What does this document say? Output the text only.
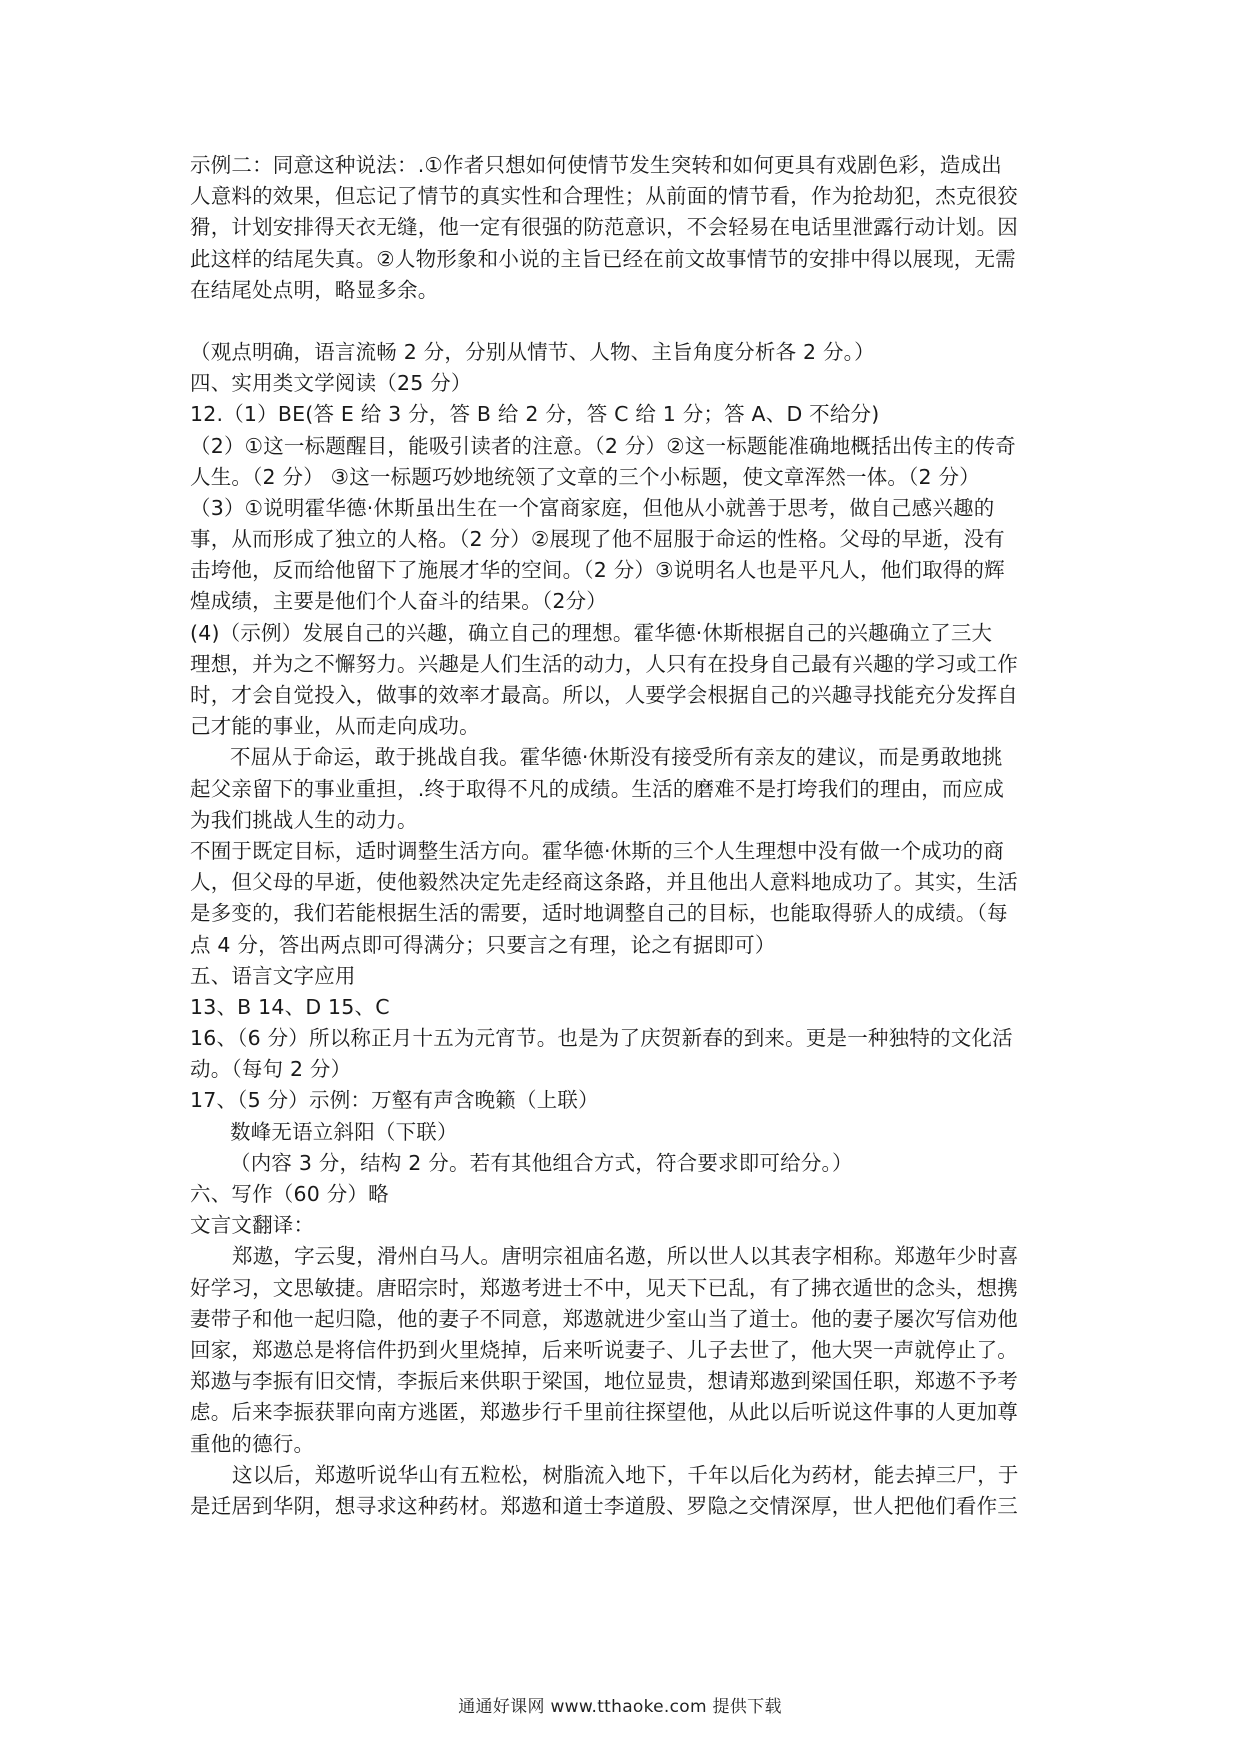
示例二：同意这种说法：.①作者只想如何使情节发生突转和如何更具有戏剧色彩，造成出
人意料的效果，但忘记了情节的真实性和合理性；从前面的情节看，作为抢劫犯，杰克很狡
猾，计划安排得天衣无缝，他一定有很强的防范意识，不会轻易在电话里泄露行动计划。因
此这样的结尾失真。②人物形象和小说的主旨已经在前文故事情节的安排中得以展现，无需
在结尾处点明，略显多余。
（观点明确，语言流畅 2 分，分别从情节、人物、主旨角度分析各 2 分。）
四、实用类文学阅读（25 分）
12.（1）BE(答 E 给 3 分，答 B 给 2 分，答 C 给 1 分；答 A、D 不给分)
（2）①这一标题醒目，能吸引读者的注意。（2 分）②这一标题能准确地概括出传主的传奇
人生。（2 分） ③这一标题巧妙地统领了文章的三个小标题，使文章浑然一体。（2 分）
（3）①说明霍华德·休斯虽出生在一个富商家庭，但他从小就善于思考，做自己感兴趣的
事，从而形成了独立的人格。（2 分）②展现了他不屈服于命运的性格。父母的早逝，没有
击垮他，反而给他留下了施展才华的空间。（2 分）③说明名人也是平凡人，他们取得的辉
煌成绩，主要是他们个人奋斗的结果。（2分）
(4)（示例）发展自己的兴趣，确立自己的理想。霍华德·休斯根据自己的兴趣确立了三大
理想，并为之不懈努力。兴趣是人们生活的动力，人只有在投身自己最有兴趣的学习或工作
时，才会自觉投入，做事的效率才最高。所以，人要学会根据自己的兴趣寻找能充分发挥自
己才能的事业，从而走向成功。
不屈从于命运，敢于挑战自我。霍华德·休斯没有接受所有亲友的建议，而是勇敢地挑
起父亲留下的事业重担，.终于取得不凡的成绩。生活的磨难不是打垮我们的理由，而应成
为我们挑战人生的动力。
不囿于既定目标，适时调整生活方向。霍华德·休斯的三个人生理想中没有做一个成功的商
人，但父母的早逝，使他毅然决定先走经商这条路，并且他出人意料地成功了。其实，生活
是多变的，我们若能根据生活的需要，适时地调整自己的目标，也能取得骄人的成绩。（每
点 4 分，答出两点即可得满分；只要言之有理，论之有据即可）
五、语言文字应用
13、B 14、D 15、C
16、（6 分）所以称正月十五为元宵节。也是为了庆贺新春的到来。更是一种独特的文化活
动。（每句 2 分）
17、（5 分）示例：万壑有声含晚籁（上联）
数峰无语立斜阳（下联）
（内容 3 分，结构 2 分。若有其他组合方式，符合要求即可给分。）
六、写作（60 分）略
文言文翻译：
郑遨，字云叟，滑州白马人。唐明宗祖庙名遨，所以世人以其表字相称。郑遨年少时喜
好学习，文思敏捷。唐昭宗时，郑遨考进士不中，见天下已乱，有了拂衣遁世的念头，想携
妻带子和他一起归隐，他的妻子不同意，郑遨就进少室山当了道士。他的妻子屡次写信劝他
回家，郑遨总是将信件扔到火里烧掉，后来听说妻子、儿子去世了，他大哭一声就停止了。
郑遨与李振有旧交情，李振后来供职于梁国，地位显贵，想请郑遨到梁国任职，郑遨不予考
虑。后来李振获罪向南方逃匿，郑遨步行千里前往探望他，从此以后听说这件事的人更加尊
重他的德行。
这以后，郑遨听说华山有五粒松，树脂流入地下，千年以后化为药材，能去掉三尸，于
是迁居到华阴，想寻求这种药材。郑遨和道士李道殷、罗隐之交情深厚，世人把他们看作三
通通好课网 www.tthaoke.com 提供下载
